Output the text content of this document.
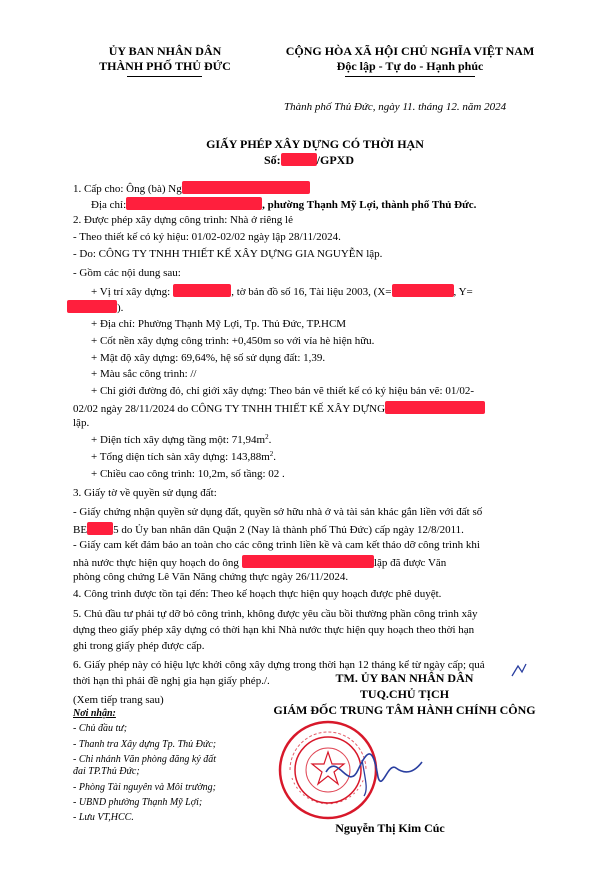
ỦY BAN NHÂN DÂN
THÀNH PHỐ THỦ ĐỨC
CỘNG HÒA XÃ HỘI CHỦ NGHĨA VIỆT NAM
Độc lập - Tự do - Hạnh phúc
Thành phố Thủ Đức, ngày 11. tháng 12. năm 2024
GIẤY PHÉP XÂY DỰNG CÓ THỜI HẠN
Số:	/GPXD
1. Cấp cho: Ông (bà) Ng
Địa chỉ:	, phường Thạnh Mỹ Lợi, thành phố Thủ Đức.
2. Được phép xây dựng công trình: Nhà ở riêng lẻ
- Theo thiết kế có ký hiệu: 01/02-02/02 ngày lập 28/11/2024.
- Do: CÔNG TY TNHH THIẾT KẾ XÂY DỰNG GIA NGUYỄN lập.
- Gồm các nội dung sau:
+ Vị trí xây dựng:	, tờ bản đồ số 16, Tài liệu 2003, (X=	, Y=
).
+ Địa chỉ: Phường Thạnh Mỹ Lợi, Tp. Thủ Đức, TP.HCM
+ Cốt nền xây dựng công trình: +0,450m so với vỉa hè hiện hữu.
+ Mật độ xây dựng: 69,64%, hệ số sử dụng đất: 1,39.
+ Màu sắc công trình: //
+ Chỉ giới đường đỏ, chỉ giới xây dựng: Theo bản vẽ thiết kế có ký hiệu bản vẽ: 01/02-
02/02 ngày 28/11/2024 do CÔNG TY TNHH THIẾT KẾ XÂY DỰNG
lập.
+ Diện tích xây dựng tầng một: $71,94m^2$.
+ Tổng diện tích sàn xây dựng: $143,88m^2$.
+ Chiều cao công trình: 10,2m, số tầng: 02 .
3. Giấy tờ về quyền sử dụng đất:
- Giấy chứng nhận quyền sử dụng đất, quyền sở hữu nhà ở và tài sản khác gắn liền với đất số
BE 5 do Ủy ban nhân dân Quận 2 (Nay là thành phố Thủ Đức) cấp ngày 12/8/2011.
- Giấy cam kết đảm bảo an toàn cho các công trình liền kề và cam kết tháo dỡ công trình khi
nhà nước thực hiện quy hoạch do ông	lập đã được Văn
phòng công chứng Lê Văn Năng chứng thực ngày 26/11/2024.
4. Công trình được tồn tại đến: Theo kế hoạch thực hiện quy hoạch được phê duyệt.
5. Chủ đầu tư phải tự dỡ bỏ công trình, không được yêu cầu bồi thường phần công trình xây
dựng theo giấy phép xây dựng có thời hạn khi Nhà nước thực hiện quy hoạch theo thời hạn
ghi trong giấy phép được cấp.
6. Giấy phép này có hiệu lực khởi công xây dựng trong thời hạn 12 tháng kể từ ngày cấp; quá
thời hạn thì phải đề nghị gia hạn giấy phép./.
(Xem tiếp trang sau)
Nơi nhận:
- Chủ đầu tư;
- Thanh tra Xây dựng Tp. Thủ Đức;
- Chi nhánh Văn phòng đăng ký đất
đai TP.Thủ Đức;
- Phòng Tài nguyên và Môi trường;
- UBND phường Thạnh Mỹ Lợi;
- Lưu VT,HCC.
TM. ỦY BAN NHÂN DÂN
TUQ.CHỦ TỊCH
GIÁM ĐỐC TRUNG TÂM HÀNH CHÍNH CÔNG
Nguyễn Thị Kim Cúc
